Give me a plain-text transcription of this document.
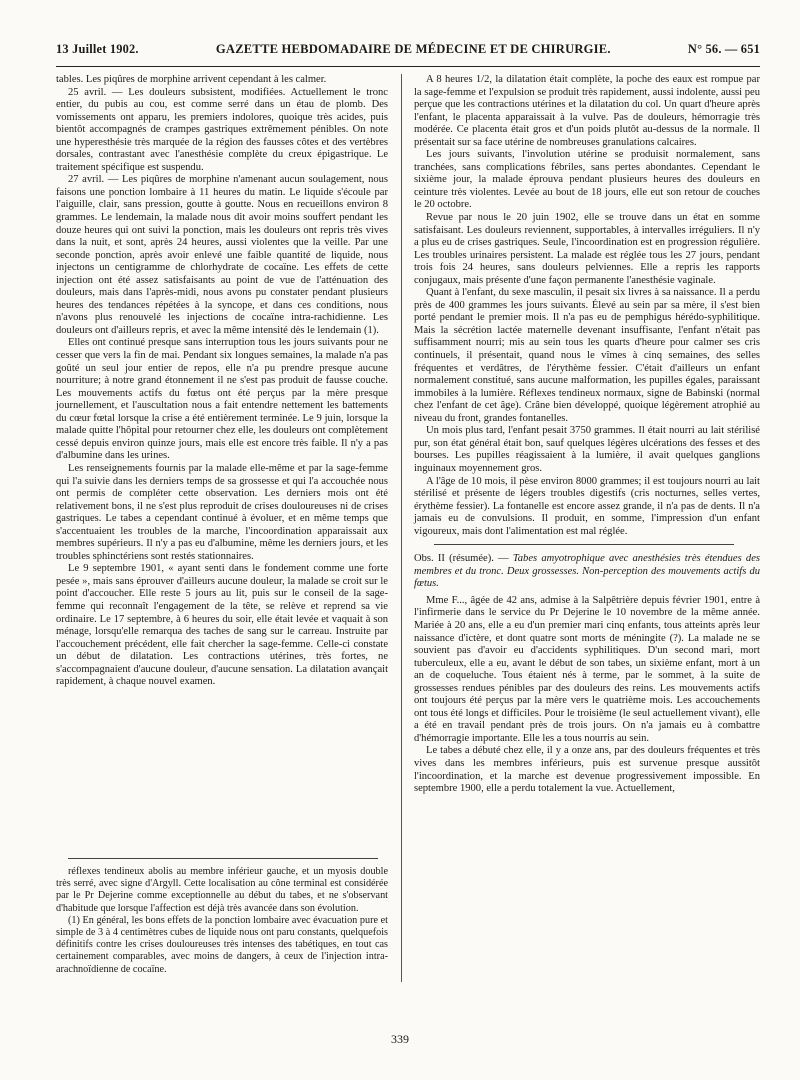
13 Juillet 1902.	GAZETTE HEBDOMADAIRE DE MÉDECINE ET DE CHIRURGIE.	N° 56. — 651

tables. Les piqûres de morphine arrivent cependant à les calmer.

25 avril. — Les douleurs subsistent, modifiées. Actuellement le tronc entier, du pubis au cou, est comme serré dans un étau de plomb. Des vomissements ont apparu, les premiers indolores, quoique très acides, puis bientôt accompagnés de crampes gastriques extrêmement pénibles. On note une hyperesthésie très marquée de la région des fausses côtes et des vertèbres dorsales, contrastant avec l'anesthésie complète du creux épigastrique. Le traitement spécifique est suspendu.

27 avril. — Les piqûres de morphine n'amenant aucun soulagement, nous faisons une ponction lombaire à 11 heures du matin. Le liquide s'écoule par l'aiguille, clair, sans pression, goutte à goutte. Nous en recueillons environ 8 grammes. Le lendemain, la malade nous dit avoir moins souffert pendant les douze heures qui ont suivi la ponction, mais les douleurs ont repris très vives dans la nuit, et sont, après 24 heures, aussi violentes que la veille. Par une seconde ponction, après avoir enlevé une faible quantité de liquide, nous injectons un centigramme de chlorhydrate de cocaïne. Les effets de cette injection ont été assez satisfaisants au point de vue de l'atténuation des douleurs, mais dans l'après-midi, nous avons pu constater pendant plusieurs heures des tendances répétées à la syncope, et dans ces conditions, nous n'avons plus renouvelé les injections de cocaïne intra-rachidienne. Les douleurs ont d'ailleurs repris, et avec la même intensité dès le lendemain (1).

Elles ont continué presque sans interruption tous les jours suivants pour ne cesser que vers la fin de mai. Pendant six longues semaines, la malade n'a pas goûté un seul jour entier de repos, elle n'a pu prendre presque aucune nourriture; à notre grand étonnement il ne s'est pas produit de fausse couche. Les mouvements actifs du fœtus ont été perçus par la mère presque journellement, et l'auscultation nous a fait entendre nettement les battements du cœur fœtal lorsque la crise a été entièrement terminée. Le 9 juin, lorsque la malade quitte l'hôpital pour retourner chez elle, les douleurs ont complètement cessé depuis environ quinze jours, mais elle est encore très faible. Il n'y a pas d'albumine dans les urines.

Les renseignements fournis par la malade elle-même et par la sage-femme qui l'a suivie dans les derniers temps de sa grossesse et qui l'a accouchée nous ont permis de compléter cette observation. Les derniers mois ont été relativement bons, il ne s'est plus reproduit de crises douloureuses ni de crises gastriques. Le tabes a cependant continué à évoluer, et en même temps que s'accentuaient les troubles de la marche, l'incoordination apparaissait aux membres supérieurs. Il n'y a pas eu d'albumine, même les derniers jours, et les troubles sphinctériens sont restés stationnaires.

Le 9 septembre 1901, « ayant senti dans le fondement comme une forte pesée », mais sans éprouver d'ailleurs aucune douleur, la malade se croit sur le point d'accoucher. Elle reste 5 jours au lit, puis sur le conseil de la sage-femme qui reconnaît l'engagement de la tête, se relève et reprend sa vie ordinaire. Le 17 septembre, à 6 heures du soir, elle était levée et vaquait à son ménage, lorsqu'elle remarqua des taches de sang sur le carreau. Instruite par l'accouchement précédent, elle fait chercher la sage-femme. Celle-ci constate un début de dilatation. Les contractions utérines, très fortes, ne s'accompagnaient d'aucune douleur, d'aucune sensation. La dilatation avançait rapidement, à chaque nouvel examen.

réflexes tendineux abolis au membre inférieur gauche, et un myosis double très serré, avec signe d'Argyll. Cette localisation au cône terminal est considérée par le Pr Dejerine comme exceptionnelle au début du tabes, et ne s'observant d'habitude que lorsque l'affection est déjà très avancée dans son évolution.

(1) En général, les bons effets de la ponction lombaire avec évacuation pure et simple de 3 à 4 centimètres cubes de liquide nous ont paru constants, quelquefois définitifs contre les crises douloureuses très intenses des tabétiques, en tout cas certainement comparables, avec moins de dangers, à ceux de l'injection intra-arachnoïdienne de cocaïne.

A 8 heures 1/2, la dilatation était complète, la poche des eaux est rompue par la sage-femme et l'expulsion se produit très rapidement, aussi indolente, aussi peu perçue que les contractions utérines et la dilatation du col. Un quart d'heure après l'enfant, le placenta apparaissait à la vulve. Pas de douleurs, hémorragie très modérée. Ce placenta était gros et d'un poids plutôt au-dessus de la normale. Il présentait sur sa face utérine de nombreuses granulations calcaires.

Les jours suivants, l'involution utérine se produisit normalement, sans tranchées, sans complications fébriles, sans pertes abondantes. Cependant le sixième jour, la malade éprouva pendant plusieurs heures des douleurs en ceinture très violentes. Levée au bout de 18 jours, elle eut son retour de couches le 20 octobre.

Revue par nous le 20 juin 1902, elle se trouve dans un état en somme satisfaisant. Les douleurs reviennent, supportables, à intervalles irréguliers. Il n'y a plus eu de crises gastriques. Seule, l'incoordination est en progression régulière. Les troubles urinaires persistent. La malade est réglée tous les 27 jours, pendant trois fois 24 heures, sans douleurs pelviennes. Elle a repris les rapports conjugaux, mais présente d'une façon permanente l'anesthésie vaginale.

Quant à l'enfant, du sexe masculin, il pesait six livres à sa naissance. Il a perdu près de 400 grammes les jours suivants. Élevé au sein par sa mère, il s'est bien porté pendant le premier mois. Il n'a pas eu de pemphigus hérédo-syphilitique. Mais la sécrétion lactée maternelle devenant insuffisante, l'enfant n'était pas suffisamment nourri; mis au sein tous les quarts d'heure pour calmer ses cris continuels, il présentait, quand nous le vîmes à cinq semaines, des selles fréquentes et verdâtres, de l'érythème fessier. C'était d'ailleurs un enfant normalement constitué, sans aucune malformation, les pupilles égales, paraissant immobiles à la lumière. Réflexes tendineux normaux, signe de Babinski (normal chez l'enfant de cet âge). Crâne bien développé, quoique légèrement atrophié au niveau du front, grandes fontanelles.

Un mois plus tard, l'enfant pesait 3750 grammes. Il était nourri au lait stérilisé pur, son état général était bon, sauf quelques légères ulcérations des fesses et des bourses. Les pupilles réagissaient à la lumière, il avait quelques ganglions inguinaux moyennement gros.

A l'âge de 10 mois, il pèse environ 8000 grammes; il est toujours nourri au lait stérilisé et présente de légers troubles digestifs (cris nocturnes, selles vertes, érythème fessier). La fontanelle est encore assez grande, il n'a pas de dents. Il n'a jamais eu de convulsions. Il produit, en somme, l'impression d'un enfant vigoureux, mais dont l'alimentation est mal réglée.

Obs. II (résumée). — Tabes amyotrophique avec anesthésies très étendues des membres et du tronc. Deux grossesses. Non-perception des mouvements actifs du fœtus.

Mme F..., âgée de 42 ans, admise à la Salpêtrière depuis février 1901, entre à l'infirmerie dans le service du Pr Dejerine le 10 novembre de la même année. Mariée à 20 ans, elle a eu d'un premier mari cinq enfants, tous atteints après leur naissance d'ictère, et dont quatre sont morts de méningite (?). La malade ne se souvient pas d'avoir eu d'accidents syphilitiques. D'un second mari, mort tuberculeux, elle a eu, avant le début de son tabes, un sixième enfant, mort à un an de coqueluche. Tous étaient nés à terme, par le sommet, à la suite de grossesses rendues pénibles par des douleurs des reins. Les mouvements actifs ont toujours été perçus par la mère vers le quatrième mois. Les accouchements ont tous été longs et difficiles. Pour le troisième (le seul actuellement vivant), elle a été en travail pendant près de trois jours. On n'a jamais eu à combattre d'hémorragie importante. Elle les a tous nourris au sein.

Le tabes a débuté chez elle, il y a onze ans, par des douleurs fréquentes et très vives dans les membres inférieurs, puis est survenue presque aussitôt l'incoordination, et la marche est devenue progressivement impossible. En septembre 1900, elle a perdu totalement la vue. Actuellement,

339
